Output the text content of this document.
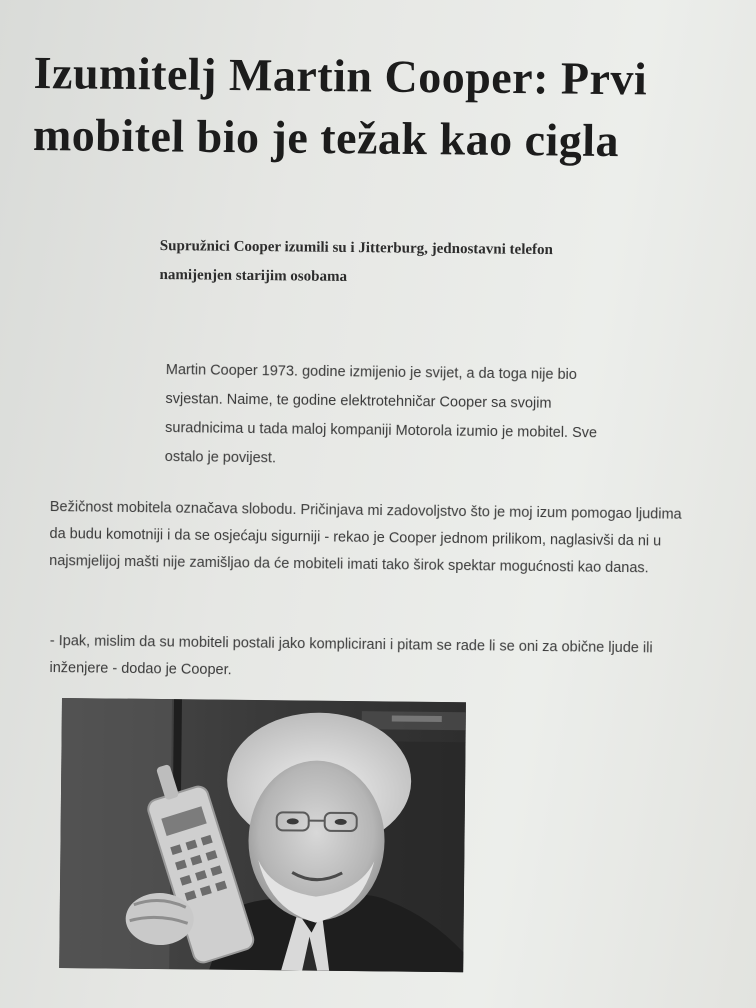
Izumitelj Martin Cooper: Prvi mobitel bio je težak kao cigla

Supružnici Cooper izumili su i Jitterburg, jednostavni telefon namijenjen starijim osobama

Martin Cooper 1973. godine izmijenio je svijet, a da toga nije bio svjestan. Naime, te godine elektrotehničar Cooper sa svojim suradnicima u tada maloj kompaniji Motorola izumio je mobitel. Sve ostalo je povijest.

Bežičnost mobitela označava slobodu. Pričinjava mi zadovoljstvo što je moj izum pomogao ljudima da budu komotniji i da se osjećaju sigurniji - rekao je Cooper jednom prilikom, naglasivši da ni u najsmjelijoj mašti nije zamišljao da će mobiteli imati tako širok spektar mogućnosti kao danas.

- Ipak, mislim da su mobiteli postali jako komplicirani i pitam se rade li se oni za obične ljude ili inženjere - dodao je Cooper.
